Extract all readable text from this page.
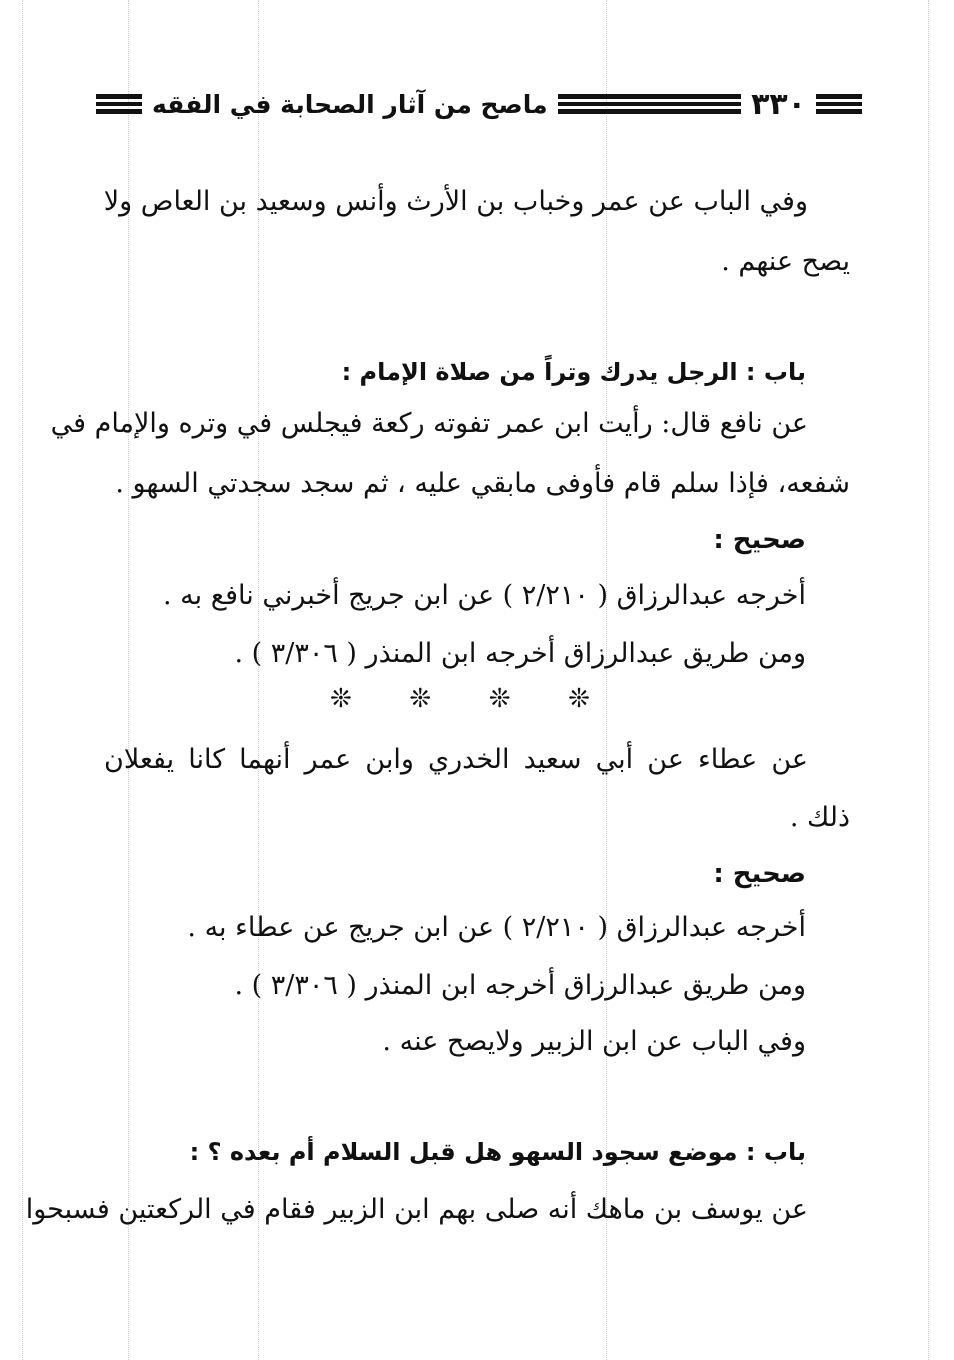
٣٣٠
ماصح من آثار الصحابة في الفقه
وفي الباب عن عمر وخباب بن الأرث وأنس وسعيد بن العاص ولا
يصح عنهم .
باب : الرجل يدرك وتراً من صلاة الإمام :
عن نافع قال: رأيت ابن عمر تفوته ركعة فيجلس في وتره والإمام في
شفعه، فإذا سلم قام فأوفى مابقي عليه ، ثم سجد سجدتي السهو .
صحيح :
أخرجه عبدالرزاق ( ٢/٢١٠ ) عن ابن جريج أخبرني نافع به .
ومن طريق عبدالرزاق أخرجه ابن المنذر ( ٣/٣٠٦ ) .
❊ ❊ ❊ ❊
عن عطاء عن أبي سعيد الخدري وابن عمر أنهما كانا يفعلان
ذلك .
صحيح :
أخرجه عبدالرزاق ( ٢/٢١٠ ) عن ابن جريج عن عطاء به .
ومن طريق عبدالرزاق أخرجه ابن المنذر ( ٣/٣٠٦ ) .
وفي الباب عن ابن الزبير ولايصح عنه .
باب : موضع سجود السهو هل قبل السلام أم بعده ؟ :
عن يوسف بن ماهك أنه صلى بهم ابن الزبير فقام في الركعتين فسبحوا
